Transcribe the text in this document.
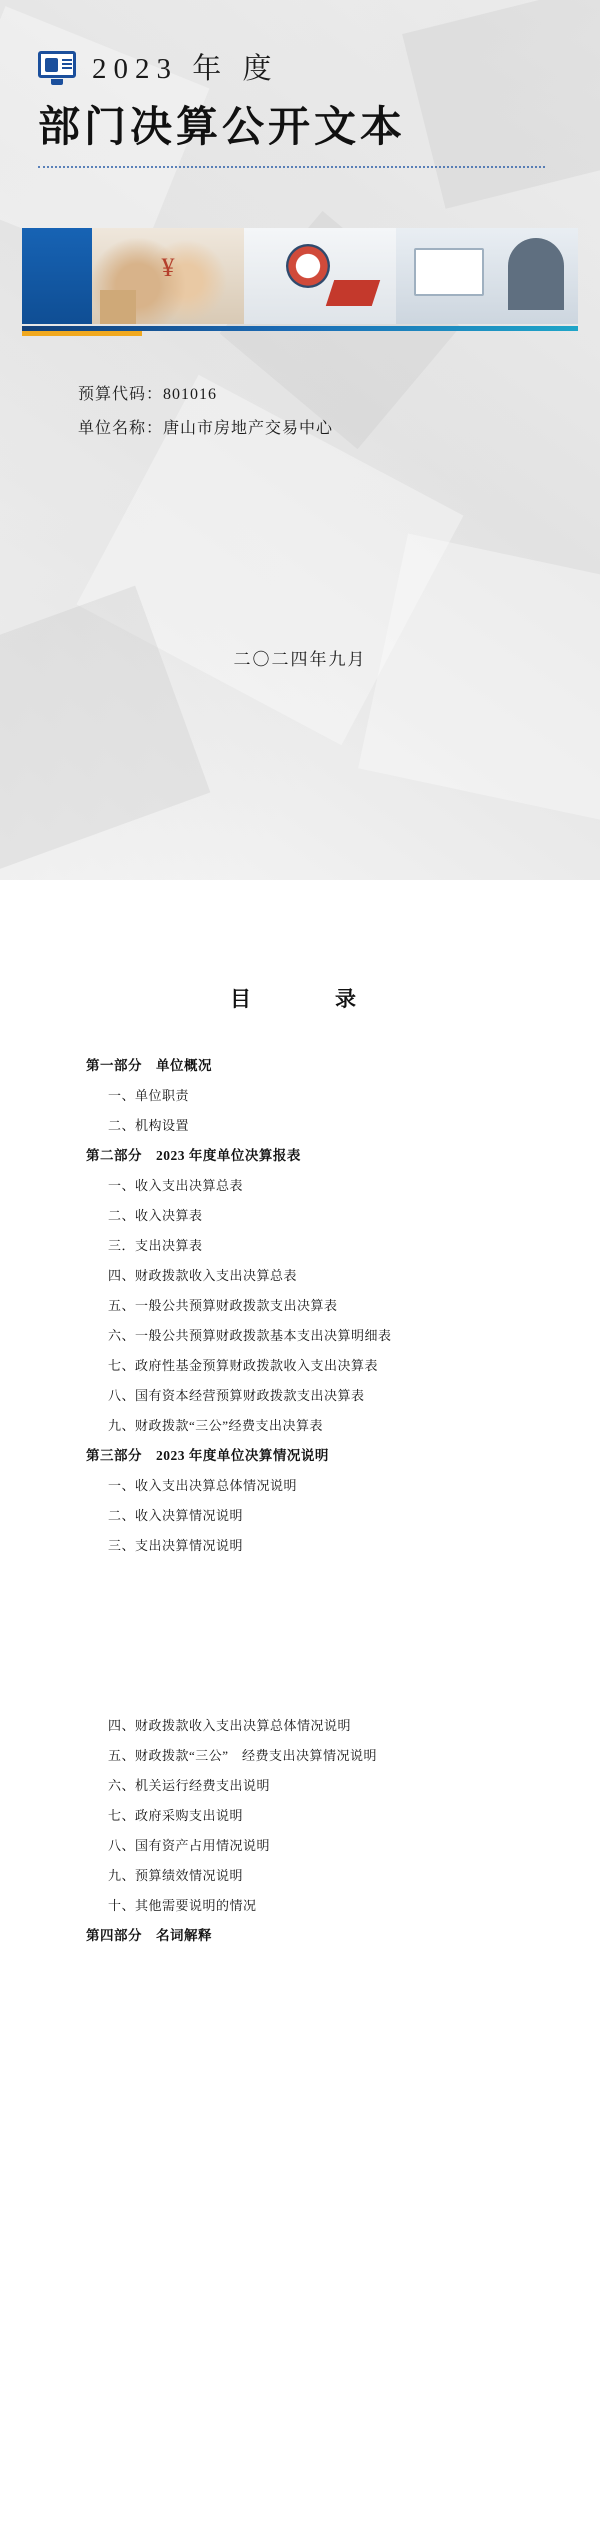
2023 年 度
部门决算公开文本
¥
预算代码：801016
单位名称：唐山市房地产交易中心
二〇二四年九月
目　　录
第一部分　单位概况
一、单位职责
二、机构设置
第二部分　2023 年度单位决算报表
一、收入支出决算总表
二、收入决算表
三．支出决算表
四、财政拨款收入支出决算总表
五、一般公共预算财政拨款支出决算表
六、一般公共预算财政拨款基本支出决算明细表
七、政府性基金预算财政拨款收入支出决算表
八、国有资本经营预算财政拨款支出决算表
九、财政拨款“三公”经费支出决算表
第三部分　2023 年度单位决算情况说明
一、收入支出决算总体情况说明
二、收入决算情况说明
三、支出决算情况说明
四、财政拨款收入支出决算总体情况说明
五、财政拨款“三公”　经费支出决算情况说明
六、机关运行经费支出说明
七、政府采购支出说明
八、国有资产占用情况说明
九、预算绩效情况说明
十、其他需要说明的情况
第四部分　名词解释
